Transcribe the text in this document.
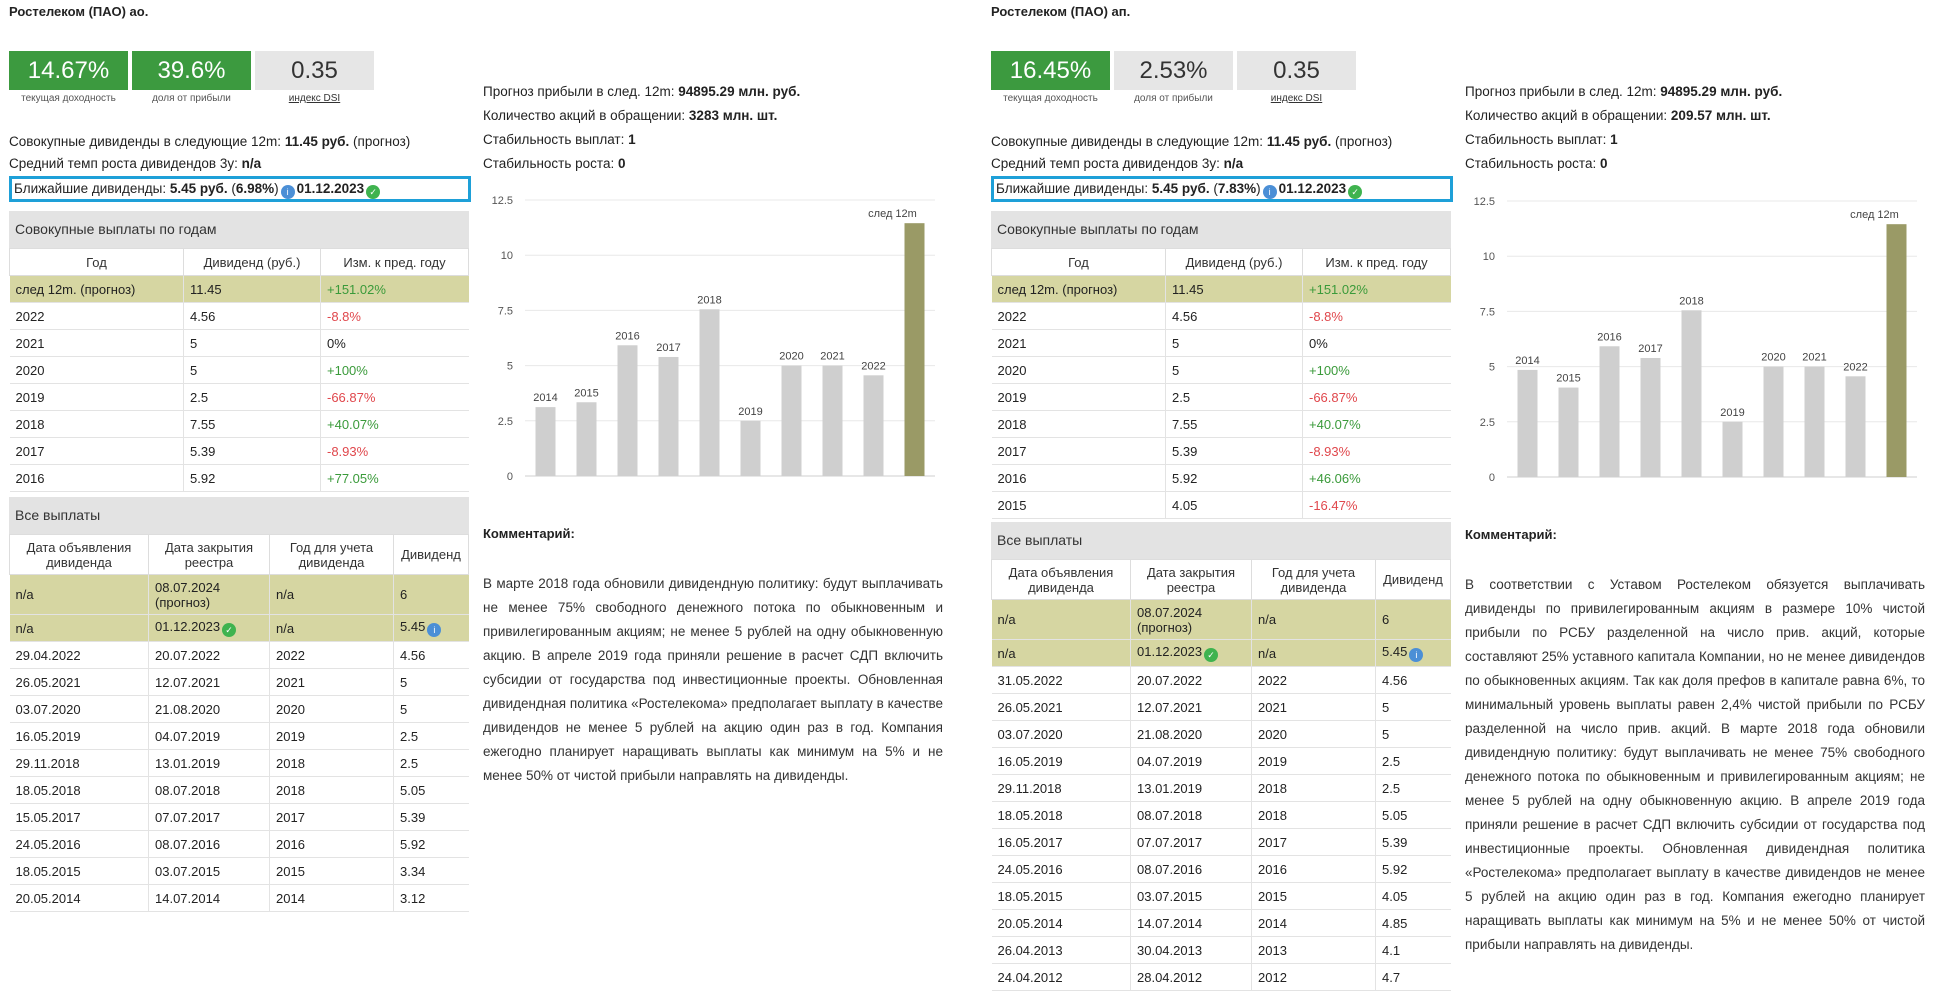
Ростелеком (ПАО) ао.
14.67%
текущая доходность
39.6%
доля от прибыли
0.35
индекс DSI
Совокупные дивиденды в следующие 12m: 11.45 руб. (прогноз)
Средний темп роста дивидендов 3y: n/a
Ближайшие дивиденды: 5.45 руб. (6.98%) i 01.12.2023 ✓
Совокупные выплаты по годам
Год	Дивиденд (руб.)	Изм. к пред. году
след 12m. (прогноз)	11.45	+151.02%
2022	4.56	-8.8%
2021	5	0%
2020	5	+100%
2019	2.5	-66.87%
2018	7.55	+40.07%
2017	5.39	-8.93%
2016	5.92	+77.05%
Все выплаты
Дата объявления дивиденда	Дата закрытия реестра	Год для учета дивиденда	Дивиденд
n/a	08.07.2024 (прогноз)	n/a	6
n/a	01.12.2023 ✓	n/a	5.45 i
29.04.2022	20.07.2022	2022	4.56
26.05.2021	12.07.2021	2021	5
03.07.2020	21.08.2020	2020	5
16.05.2019	04.07.2019	2019	2.5
29.11.2018	13.01.2019	2018	2.5
18.05.2018	08.07.2018	2018	5.05
15.05.2017	07.07.2017	2017	5.39
24.05.2016	08.07.2016	2016	5.92
18.05.2015	03.07.2015	2015	3.34
20.05.2014	14.07.2014	2014	3.12
Прогноз прибыли в след. 12m: 94895.29 млн. руб.
Количество акций в обращении: 3283 млн. шт.
Стабильность выплат: 1
Стабильность роста: 0
0
2.5
5
7.5
10
12.5
2014 2015
2016
2017
2018
2019
2020 2021
2022
след 12m
Комментарий:
В марте 2018 года обновили дивидендную политику: будут выплачивать не менее 75% свободного денежного потока по обыкновенным и привилегированным акциям; не менее 5 рублей на одну обыкновенную акцию. В апреле 2019 года приняли решение в расчет СДП включить субсидии от государства под инвестиционные проекты. Обновленная дивидендная политика «Ростелекома» предполагает выплату в качестве дивидендов не менее 5 рублей на акцию один раз в год. Компания ежегодно планирует наращивать выплаты как минимум на 5% и не менее 50% от чистой прибыли направлять на дивиденды.
Ростелеком (ПАО) ап.
16.45%
текущая доходность
2.53%
доля от прибыли
0.35
индекс DSI
Совокупные дивиденды в следующие 12m: 11.45 руб. (прогноз)
Средний темп роста дивидендов 3y: n/a
Ближайшие дивиденды: 5.45 руб. (7.83%) i 01.12.2023 ✓
Совокупные выплаты по годам
Год	Дивиденд (руб.)	Изм. к пред. году
след 12m. (прогноз)	11.45	+151.02%
2022	4.56	-8.8%
2021	5	0%
2020	5	+100%
2019	2.5	-66.87%
2018	7.55	+40.07%
2017	5.39	-8.93%
2016	5.92	+46.06%
2015	4.05	-16.47%
Все выплаты
Дата объявления дивиденда	Дата закрытия реестра	Год для учета дивиденда	Дивиденд
n/a	08.07.2024 (прогноз)	n/a	6
n/a	01.12.2023 ✓	n/a	5.45 i
31.05.2022	20.07.2022	2022	4.56
26.05.2021	12.07.2021	2021	5
03.07.2020	21.08.2020	2020	5
16.05.2019	04.07.2019	2019	2.5
29.11.2018	13.01.2019	2018	2.5
18.05.2018	08.07.2018	2018	5.05
16.05.2017	07.07.2017	2017	5.39
24.05.2016	08.07.2016	2016	5.92
18.05.2015	03.07.2015	2015	4.05
20.05.2014	14.07.2014	2014	4.85
26.04.2013	30.04.2013	2013	4.1
24.04.2012	28.04.2012	2012	4.7
Прогноз прибыли в след. 12m: 94895.29 млн. руб.
Количество акций в обращении: 209.57 млн. шт.
Стабильность выплат: 1
Стабильность роста: 0
0
2.5
5
7.5
10
12.5
2014
2015
2016
2017
2018
2019
2020 2021
2022
след 12m
Комментарий:
В соответствии с Уставом Ростелеком обязуется выплачивать дивиденды по привилегированным акциям в размере 10% чистой прибыли по РСБУ разделенной на число прив. акций, которые составляют 25% уставного капитала Компании, но не менее дивидендов по обыкновенных акциям. Так как доля префов в капитале равна 6%, то минимальный уровень выплаты равен 2,4% чистой прибыли по РСБУ разделенной на число прив. акций. В марте 2018 года обновили дивидендную политику: будут выплачивать не менее 75% свободного денежного потока по обыкновенным и привилегированным акциям; не менее 5 рублей на одну обыкновенную акцию. В апреле 2019 года приняли решение в расчет СДП включить субсидии от государства под инвестиционные проекты. Обновленная дивидендная политика «Ростелекома» предполагает выплату в качестве дивидендов не менее 5 рублей на акцию один раз в год. Компания ежегодно планирует наращивать выплаты как минимум на 5% и не менее 50% от чистой прибыли направлять на дивиденды.
